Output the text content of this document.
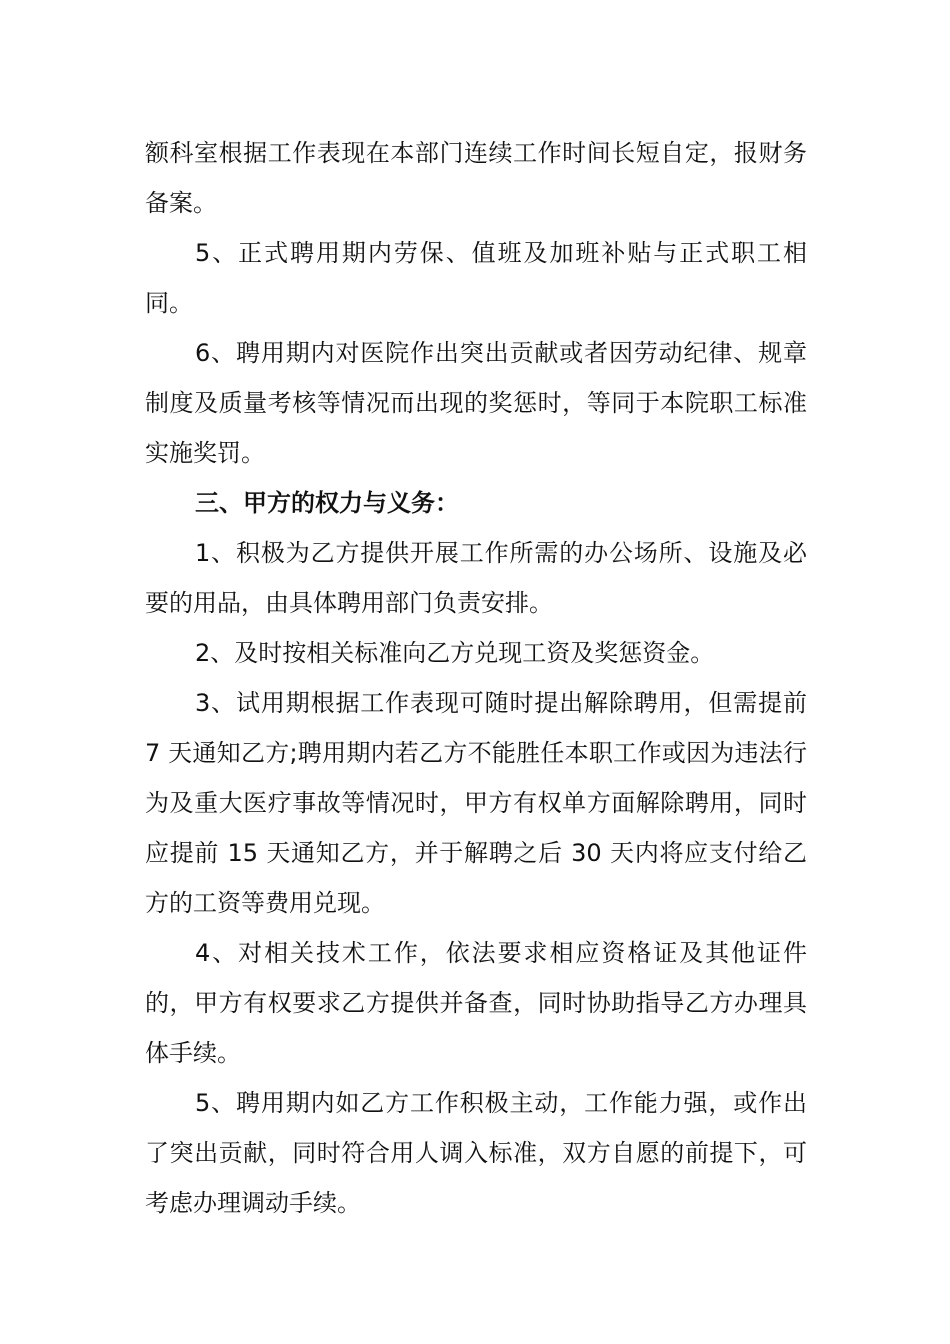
额科室根据工作表现在本部门连续工作时间长短自定，报财务备案。

5、正式聘用期内劳保、值班及加班补贴与正式职工相同。

6、聘用期内对医院作出突出贡献或者因劳动纪律、规章制度及质量考核等情况而出现的奖惩时，等同于本院职工标准实施奖罚。

三、甲方的权力与义务：

1、积极为乙方提供开展工作所需的办公场所、设施及必要的用品，由具体聘用部门负责安排。

2、及时按相关标准向乙方兑现工资及奖惩资金。

3、试用期根据工作表现可随时提出解除聘用，但需提前 7 天通知乙方;聘用期内若乙方不能胜任本职工作或因为违法行为及重大医疗事故等情况时，甲方有权单方面解除聘用，同时应提前 15 天通知乙方，并于解聘之后 30 天内将应支付给乙方的工资等费用兑现。

4、对相关技术工作，依法要求相应资格证及其他证件的，甲方有权要求乙方提供并备查，同时协助指导乙方办理具体手续。

5、聘用期内如乙方工作积极主动，工作能力强，或作出了突出贡献，同时符合用人调入标准，双方自愿的前提下，可考虑办理调动手续。
